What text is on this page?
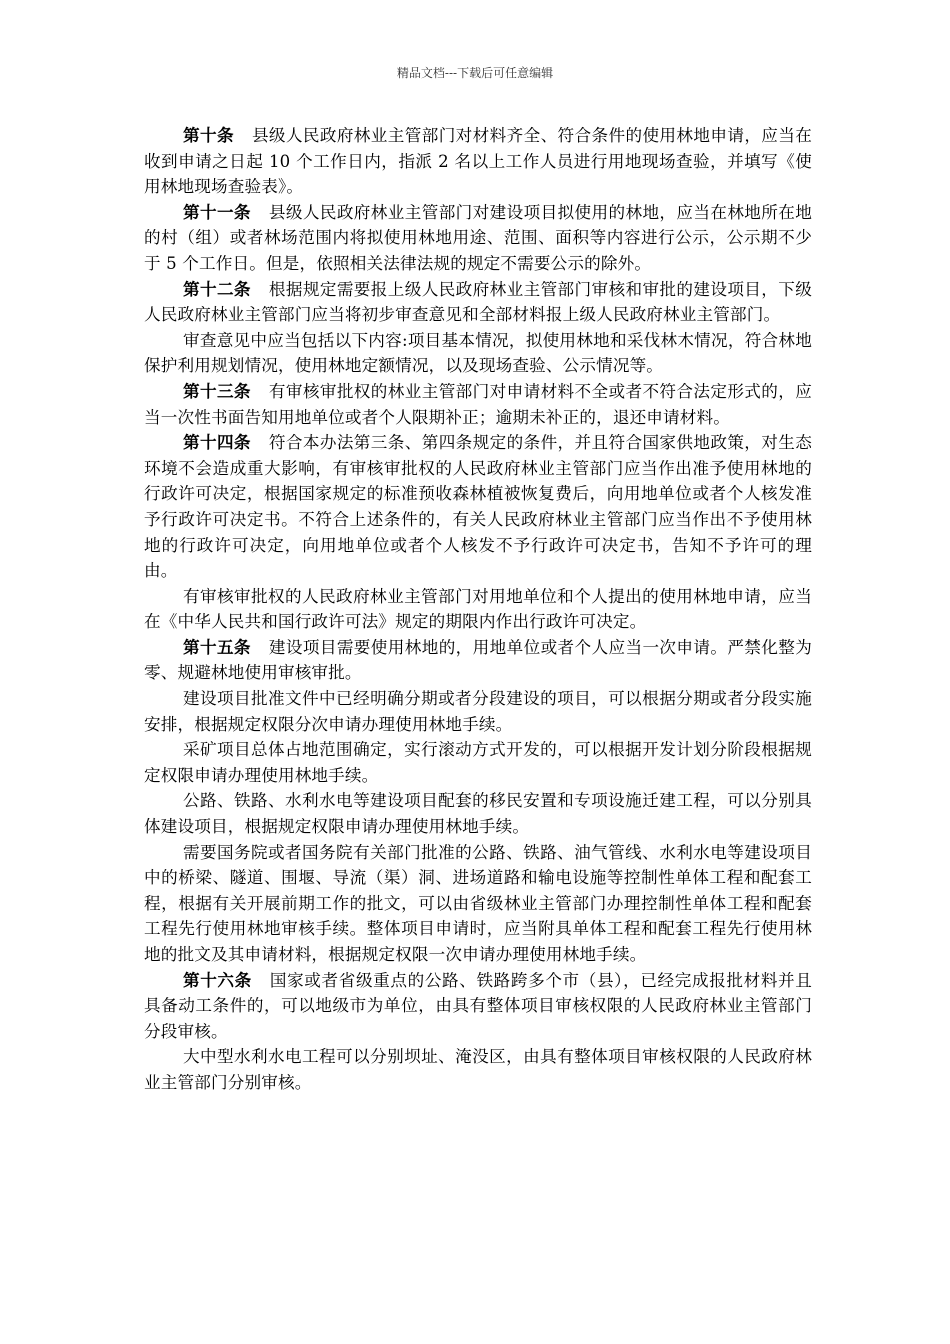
精品文档---下载后可任意编辑

第十条 县级人民政府林业主管部门对材料齐全、符合条件的使用林地申请，应当在收到申请之日起 10 个工作日内，指派 2 名以上工作人员进行用地现场查验，并填写《使用林地现场查验表》。

第十一条 县级人民政府林业主管部门对建设项目拟使用的林地，应当在林地所在地的村（组）或者林场范围内将拟使用林地用途、范围、面积等内容进行公示，公示期不少于 5 个工作日。但是，依照相关法律法规的规定不需要公示的除外。

第十二条 根据规定需要报上级人民政府林业主管部门审核和审批的建设项目，下级人民政府林业主管部门应当将初步审查意见和全部材料报上级人民政府林业主管部门。

审查意见中应当包括以下内容:项目基本情况，拟使用林地和采伐林木情况，符合林地保护利用规划情况，使用林地定额情况，以及现场查验、公示情况等。

第十三条 有审核审批权的林业主管部门对申请材料不全或者不符合法定形式的，应当一次性书面告知用地单位或者个人限期补正；逾期未补正的，退还申请材料。

第十四条 符合本办法第三条、第四条规定的条件，并且符合国家供地政策，对生态环境不会造成重大影响，有审核审批权的人民政府林业主管部门应当作出准予使用林地的行政许可决定，根据国家规定的标准预收森林植被恢复费后，向用地单位或者个人核发准予行政许可决定书。不符合上述条件的，有关人民政府林业主管部门应当作出不予使用林地的行政许可决定，向用地单位或者个人核发不予行政许可决定书，告知不予许可的理由。

有审核审批权的人民政府林业主管部门对用地单位和个人提出的使用林地申请，应当在《中华人民共和国行政许可法》规定的期限内作出行政许可决定。

第十五条 建设项目需要使用林地的，用地单位或者个人应当一次申请。严禁化整为零、规避林地使用审核审批。

建设项目批准文件中已经明确分期或者分段建设的项目，可以根据分期或者分段实施安排，根据规定权限分次申请办理使用林地手续。

采矿项目总体占地范围确定，实行滚动方式开发的，可以根据开发计划分阶段根据规定权限申请办理使用林地手续。

公路、铁路、水利水电等建设项目配套的移民安置和专项设施迁建工程，可以分别具体建设项目，根据规定权限申请办理使用林地手续。

需要国务院或者国务院有关部门批准的公路、铁路、油气管线、水利水电等建设项目中的桥梁、隧道、围堰、导流（渠）洞、进场道路和输电设施等控制性单体工程和配套工程，根据有关开展前期工作的批文，可以由省级林业主管部门办理控制性单体工程和配套工程先行使用林地审核手续。整体项目申请时，应当附具单体工程和配套工程先行使用林地的批文及其申请材料，根据规定权限一次申请办理使用林地手续。

第十六条 国家或者省级重点的公路、铁路跨多个市（县），已经完成报批材料并且具备动工条件的，可以地级市为单位，由具有整体项目审核权限的人民政府林业主管部门分段审核。

大中型水利水电工程可以分别坝址、淹没区，由具有整体项目审核权限的人民政府林业主管部门分别审核。
